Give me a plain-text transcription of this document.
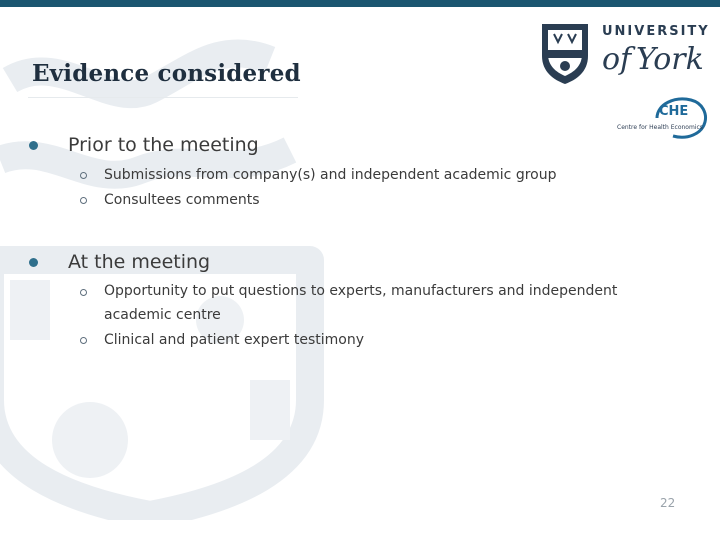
Evidence considered
UNIVERSITY
of York
CHE
Centre for Health Economics
Prior to the meeting
Submissions from company(s) and independent academic group
Consultees comments
At the meeting
Opportunity to put questions to experts, manufacturers and independent
academic centre
Clinical and patient expert testimony
22
